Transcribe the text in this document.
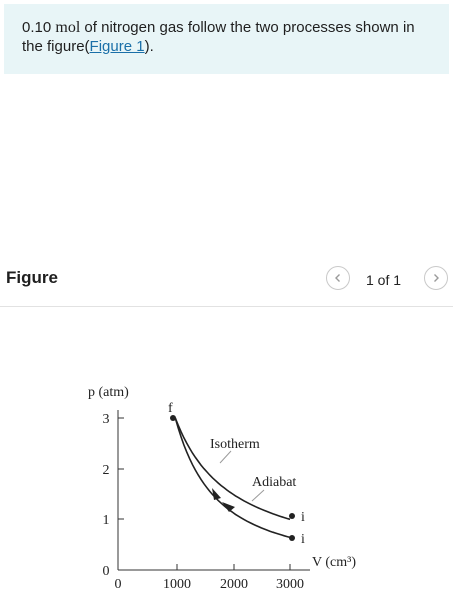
0.10 mol of nitrogen gas follow the two processes shown in the figure(Figure 1).
Figure	1 of 1
3
2
1
0
0	1000 2000 3000
p (atm)
V (cm³)
Isotherm
Adiabat
f
i
i
